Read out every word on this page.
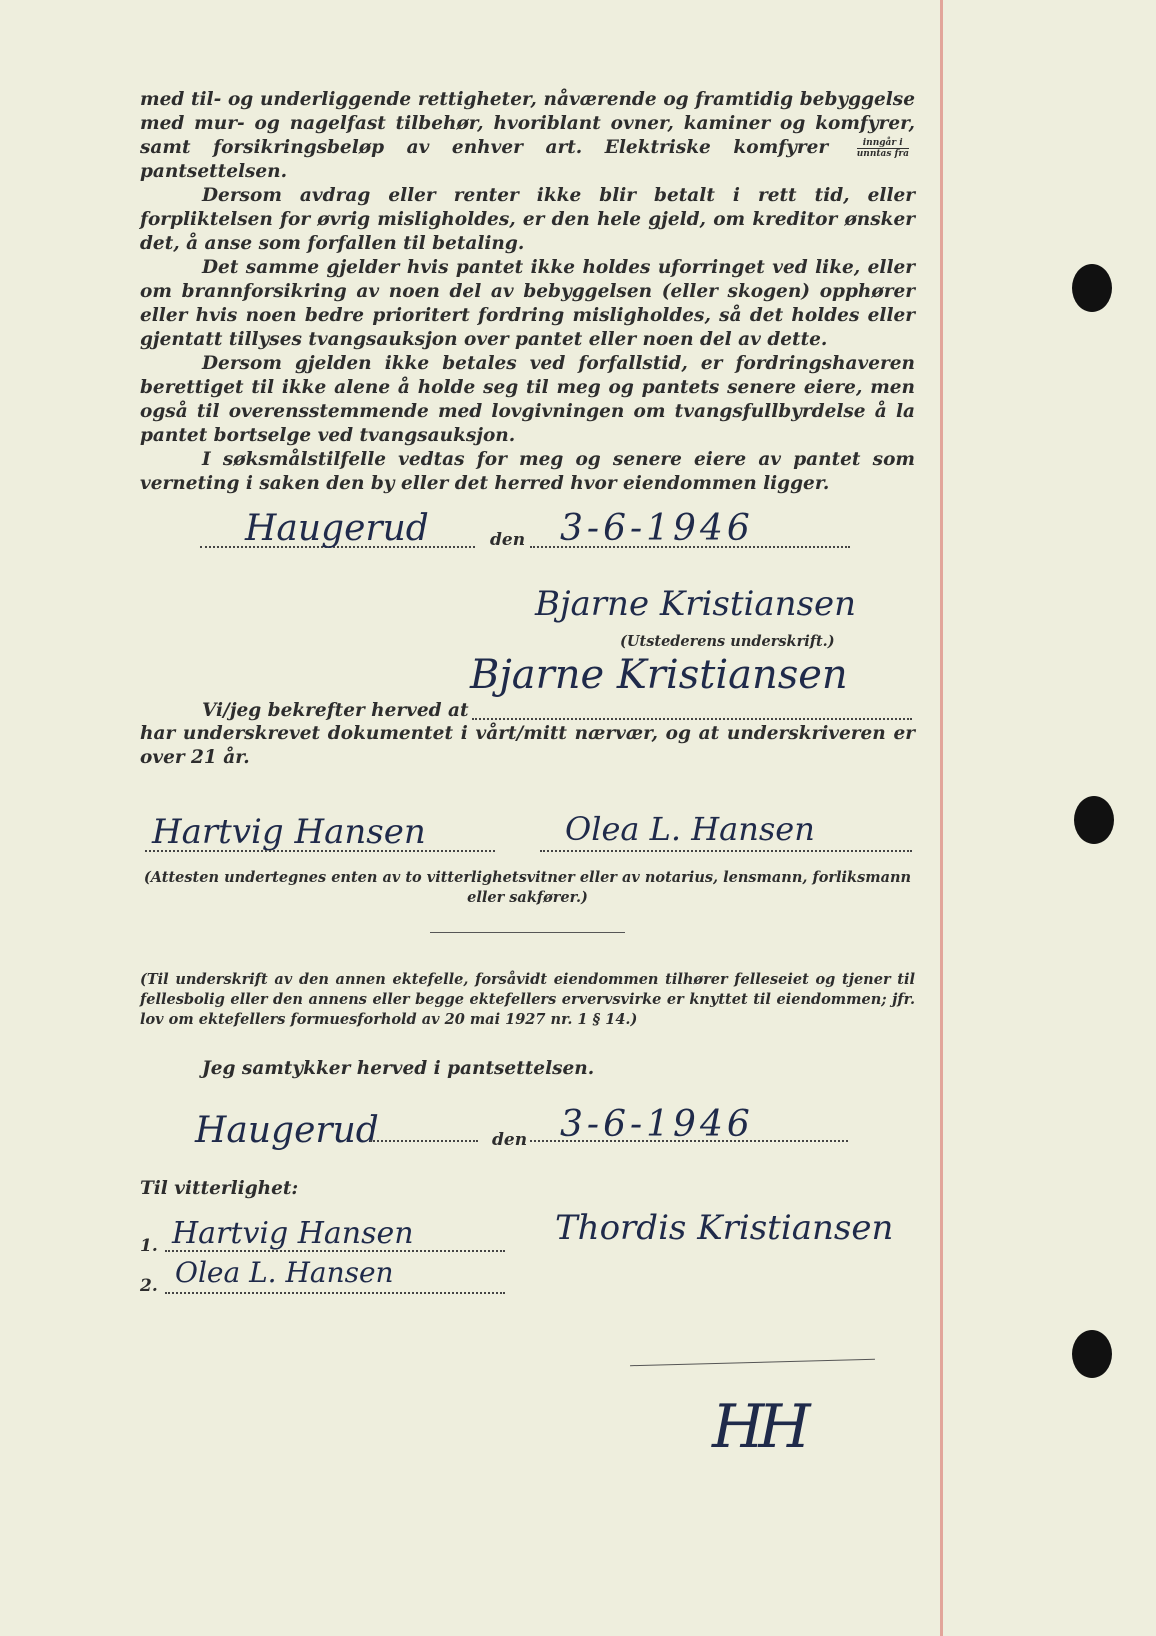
med til- og underliggende rettigheter, nåværende og framtidig bebyggelse med mur- og nagelfast tilbehør, hvoriblant ovner, kaminer og komfyrer, samt forsikringsbeløp av enhver art. Elektriske komfyrer	$\frac{\text{inngår i}}{\text{unntas fra}}$
pantsettelsen.

Dersom avdrag eller renter ikke blir betalt i rett tid, eller forpliktelsen for øvrig misligholdes, er den hele gjeld, om kreditor ønsker det, å anse som forfallen til betaling.

Det samme gjelder hvis pantet ikke holdes uforringet ved like, eller om brannforsikring av noen del av bebyggelsen (eller skogen) opphører eller hvis noen bedre prioritert fordring misligholdes, så det holdes eller gjentatt tillyses tvangsauksjon over pantet eller noen del av dette.

Dersom gjelden ikke betales ved forfallstid, er fordringshaveren berettiget til ikke alene å holde seg til meg og pantets senere eiere, men også til overensstemmende med lovgivningen om tvangsfullbyrdelse å la pantet bortselge ved tvangsauksjon.

I søksmålstilfelle vedtas for meg og senere eiere av pantet som verneting i saken den by eller det herred hvor eiendommen ligger.

Haugerud	den 3-6-1946
Bjarne Kristiansen
(Utstederens underskrift.)
Bjarne Kristiansen
Vi/jeg bekrefter herved at

har underskrevet dokumentet i vårt/mitt nærvær, og at underskriveren er over 21 år.

Hartvig Hansen	Olea L. Hansen
(Attesten undertegnes enten av to vitterlighetsvitner eller av notarius, lensmann, forliksmann eller sakfører.)
(Til underskrift av den annen ektefelle, forsåvidt eiendommen tilhører felleseiet og tjener til fellesbolig eller den annens eller begge ektefellers ervervsvirke er knyttet til eiendommen; jfr. lov om ektefellers formuesforhold av 20 mai 1927 nr. 1 § 14.)
Jeg samtykker herved i pantsettelsen.
Haugerud	den 3-6-1946
Til vitterlighet:
1. Hartvig Hansen
2. Olea L. Hansen
Thordis Kristiansen
HH
